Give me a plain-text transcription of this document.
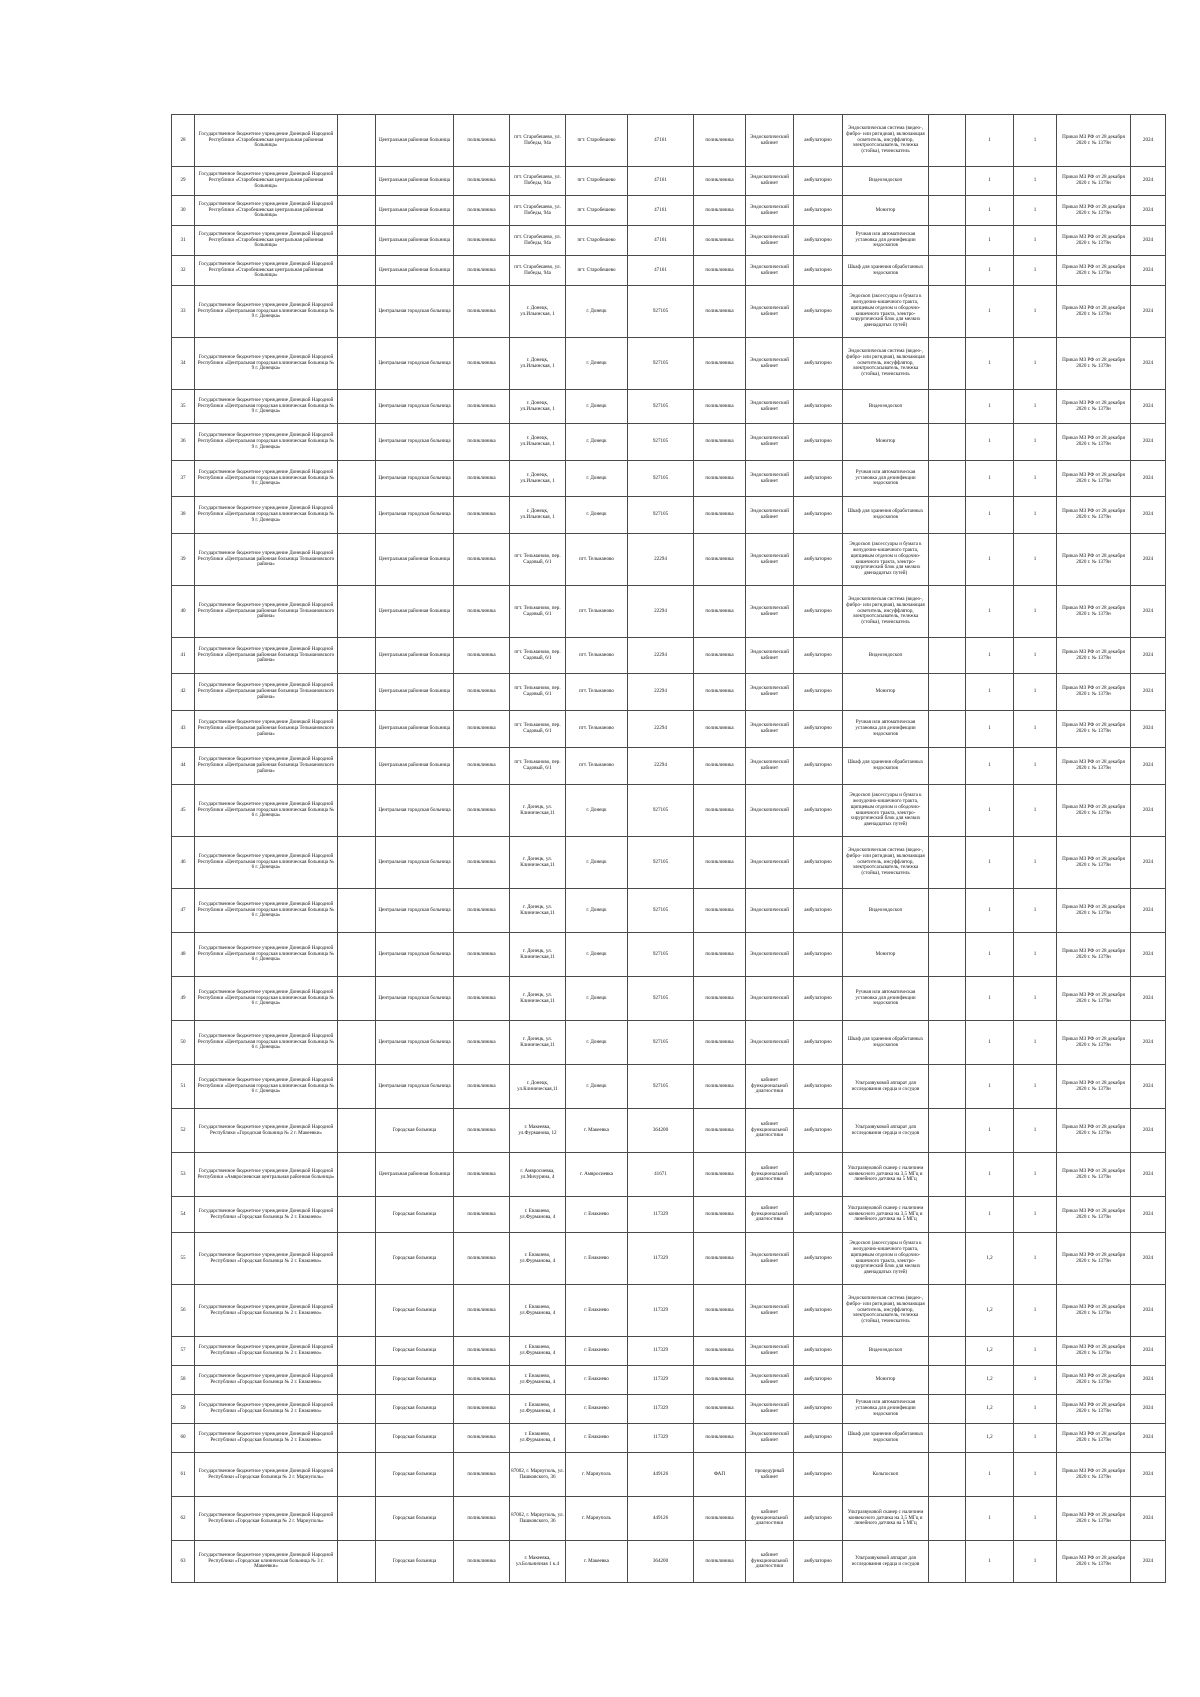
28	Государственное бюджетное учреждение Донецкой Народной Республики «Старобешевская центральная районная больница»		Центральная районная больница	поликлиника	пгт. Старобешево, ул. Победы, 94а	пгт. Старобешево	47161	поликлиника	Эндоскопический кабинет	амбулаторно	Эндоскопическая система (видео-, фибро- или ригидная), включающая осветитель, инсуффлятор, электроотсасыватель, тележка (стойка), течеискатель		1	1	Приказ МЗ РФ от 28 декабря 2020 г. № 1379н	2024
29	Государственное бюджетное учреждение Донецкой Народной Республики «Старобешевская центральная районная больница»		Центральная районная больница	поликлиника	пгт. Старобешево, ул. Победы, 94а	пгт. Старобешево	47161	поликлиника	Эндоскопический кабинет	амбулаторно	Видеоэндоскоп		1	1	Приказ МЗ РФ от 28 декабря 2020 г. № 1379н	2024
30	Государственное бюджетное учреждение Донецкой Народной Республики «Старобешевская центральная районная больница»		Центральная районная больница	поликлиника	пгт. Старобешево, ул. Победы, 94а	пгт. Старобешево	47161	поликлиника	Эндоскопический кабинет	амбулаторно	Монитор		1	1	Приказ МЗ РФ от 28 декабря 2020 г. № 1379н	2024
31	Государственное бюджетное учреждение Донецкой Народной Республики «Старобешевская центральная районная больница»		Центральная районная больница	поликлиника	пгт. Старобешево, ул. Победы, 94а	пгт. Старобешево	47161	поликлиника	Эндоскопический кабинет	амбулаторно	Ручная или автоматическая установка для дезинфекции эндоскопов		1	1	Приказ МЗ РФ от 28 декабря 2020 г. № 1379н	2024
32	Государственное бюджетное учреждение Донецкой Народной Республики «Старобешевская центральная районная больница»		Центральная районная больница	поликлиника	пгт. Старобешево, ул. Победы, 94а	пгт. Старобешево	47161	поликлиника	Эндоскопический кабинет	амбулаторно	Шкаф для хранения обработанных эндоскопов		1	1	Приказ МЗ РФ от 28 декабря 2020 г. № 1379н	2024
33	Государственное бюджетное учреждение Донецкой Народной Республики «Центральная городская клиническая больница № 9 г. Донецка»		Центральная городская больница	поликлиника	г. Донецк, ул.Ильинская, 1	г. Донецк	927105	поликлиника	Эндоскопический кабинет	амбулаторно	Эндоскоп (аксессуары и бумага к желудочно-кишечного тракта, щипцевым отделом и ободочно-кишечного тракта, электро-хирургический блок для мелких двенадцатых путей)		1	1	Приказ МЗ РФ от 28 декабря 2020 г. № 1379н	2024
34	Государственное бюджетное учреждение Донецкой Народной Республики «Центральная городская клиническая больница № 9 г. Донецка»		Центральная городская больница	поликлиника	г. Донецк, ул.Ильинская, 1	г. Донецк	927105	поликлиника	Эндоскопический кабинет	амбулаторно	Эндоскопическая система (видео-, фибро- или ригидная), включающая осветитель, инсуффлятор, электроотсасыватель, тележка (стойка), течеискатель		1	1	Приказ МЗ РФ от 28 декабря 2020 г. № 1379н	2024
35	Государственное бюджетное учреждение Донецкой Народной Республики «Центральная городская клиническая больница № 9 г. Донецка»		Центральная городская больница	поликлиника	г. Донецк, ул.Ильинская, 1	г. Донецк	927105	поликлиника	Эндоскопический кабинет	амбулаторно	Видеоэндоскоп		1	1	Приказ МЗ РФ от 28 декабря 2020 г. № 1379н	2024
36	Государственное бюджетное учреждение Донецкой Народной Республики «Центральная городская клиническая больница № 9 г. Донецка»		Центральная городская больница	поликлиника	г. Донецк, ул.Ильинская, 1	г. Донецк	927105	поликлиника	Эндоскопический кабинет	амбулаторно	Монитор		1	1	Приказ МЗ РФ от 28 декабря 2020 г. № 1379н	2024
37	Государственное бюджетное учреждение Донецкой Народной Республики «Центральная городская клиническая больница № 9 г. Донецка»		Центральная городская больница	поликлиника	г. Донецк, ул.Ильинская, 1	г. Донецк	927105	поликлиника	Эндоскопический кабинет	амбулаторно	Ручная или автоматическая установка для дезинфекции эндоскопов		1	1	Приказ МЗ РФ от 28 декабря 2020 г. № 1379н	2024
38	Государственное бюджетное учреждение Донецкой Народной Республики «Центральная городская клиническая больница № 9 г. Донецка»		Центральная городская больница	поликлиника	г. Донецк, ул.Ильинская, 1	г. Донецк	927105	поликлиника	Эндоскопический кабинет	амбулаторно	Шкаф для хранения обработанных эндоскопов		1	1	Приказ МЗ РФ от 28 декабря 2020 г. № 1379н	2024
39	Государственное бюджетное учреждение Донецкой Народной Республики «Центральная районная больница Тельмановского района»		Центральная районная больница	поликлиника	пгт. Тельманово, пер. Садовый, 6/1	пгт. Тельманово	22294	поликлиника	Эндоскопический кабинет	амбулаторно	Эндоскоп (аксессуары и бумага к желудочно-кишечного тракта, щипцевым отделом и ободочно-кишечного тракта, электро-хирургический блок для мелких двенадцатых путей)		1	1	Приказ МЗ РФ от 28 декабря 2020 г. № 1379н	2024
40	Государственное бюджетное учреждение Донецкой Народной Республики «Центральная районная больница Тельмановского района»		Центральная районная больница	поликлиника	пгт. Тельманово, пер. Садовый, 6/1	пгт. Тельманово	22294	поликлиника	Эндоскопический кабинет	амбулаторно	Эндоскопическая система (видео-, фибро- или ригидная), включающая осветитель, инсуффлятор, электроотсасыватель, тележка (стойка), течеискатель		1	1	Приказ МЗ РФ от 28 декабря 2020 г. № 1379н	2024
41	Государственное бюджетное учреждение Донецкой Народной Республики «Центральная районная больница Тельмановского района»		Центральная районная больница	поликлиника	пгт. Тельманово, пер. Садовый, 6/1	пгт. Тельманово	22294	поликлиника	Эндоскопический кабинет	амбулаторно	Видеоэндоскоп		1	1	Приказ МЗ РФ от 28 декабря 2020 г. № 1379н	2024
42	Государственное бюджетное учреждение Донецкой Народной Республики «Центральная районная больница Тельмановского района»		Центральная районная больница	поликлиника	пгт. Тельманово, пер. Садовый, 6/1	пгт. Тельманово	22294	поликлиника	Эндоскопический кабинет	амбулаторно	Монитор		1	1	Приказ МЗ РФ от 28 декабря 2020 г. № 1379н	2024
43	Государственное бюджетное учреждение Донецкой Народной Республики «Центральная районная больница Тельмановского района»		Центральная районная больница	поликлиника	пгт. Тельманово, пер. Садовый, 6/1	пгт. Тельманово	22294	поликлиника	Эндоскопический кабинет	амбулаторно	Ручная или автоматическая установка для дезинфекции эндоскопов		1	1	Приказ МЗ РФ от 28 декабря 2020 г. № 1379н	2024
44	Государственное бюджетное учреждение Донецкой Народной Республики «Центральная районная больница Тельмановского района»		Центральная районная больница	поликлиника	пгт. Тельманово, пер. Садовый, 6/1	пгт. Тельманово	22294	поликлиника	Эндоскопический кабинет	амбулаторно	Шкаф для хранения обработанных эндоскопов		1	1	Приказ МЗ РФ от 28 декабря 2020 г. № 1379н	2024
45	Государственное бюджетное учреждение Донецкой Народной Республики «Центральная городская клиническая больница № 6 г. Донецка»		Центральная городская больница	поликлиника	г. Донецк, ул. Клиническая,11	г. Донецк	927105	поликлиника	Эндоскопический	амбулаторно	Эндоскоп (аксессуары и бумага к желудочно-кишечного тракта, щипцевым отделом и ободочно-кишечного тракта, электро-хирургический блок для мелких двенадцатых путей)		1	1	Приказ МЗ РФ от 28 декабря 2020 г. № 1379н	2024
46	Государственное бюджетное учреждение Донецкой Народной Республики «Центральная городская клиническая больница № 6 г. Донецка»		Центральная городская больница	поликлиника	г. Донецк, ул. Клиническая,11	г. Донецк	927105	поликлиника	Эндоскопический	амбулаторно	Эндоскопическая система (видео-, фибро- или ригидная), включающая осветитель, инсуффлятор, электроотсасыватель, тележка (стойка), течеискатель		1	1	Приказ МЗ РФ от 28 декабря 2020 г. № 1379н	2024
47	Государственное бюджетное учреждение Донецкой Народной Республики «Центральная городская клиническая больница № 6 г. Донецка»		Центральная городская больница	поликлиника	г. Донецк, ул. Клиническая,11	г. Донецк	927105	поликлиника	Эндоскопический	амбулаторно	Видеоэндоскоп		1	1	Приказ МЗ РФ от 28 декабря 2020 г. № 1379н	2024
48	Государственное бюджетное учреждение Донецкой Народной Республики «Центральная городская клиническая больница № 6 г. Донецка»		Центральная городская больница	поликлиника	г. Донецк, ул. Клиническая,11	г. Донецк	927105	поликлиника	Эндоскопический	амбулаторно	Монитор		1	1	Приказ МЗ РФ от 28 декабря 2020 г. № 1379н	2024
49	Государственное бюджетное учреждение Донецкой Народной Республики «Центральная городская клиническая больница № 6 г. Донецка»		Центральная городская больница	поликлиника	г. Донецк, ул. Клиническая,11	г. Донецк	927105	поликлиника	Эндоскопический	амбулаторно	Ручная или автоматическая установка для дезинфекции эндоскопов		1	1	Приказ МЗ РФ от 28 декабря 2020 г. № 1379н	2024
50	Государственное бюджетное учреждение Донецкой Народной Республики «Центральная городская клиническая больница № 6 г. Донецка»		Центральная городская больница	поликлиника	г. Донецк, ул. Клиническая,11	г. Донецк	927105	поликлиника	Эндоскопический	амбулаторно	Шкаф для хранения обработанных эндоскопов		1	1	Приказ МЗ РФ от 28 декабря 2020 г. № 1379н	2024
51	Государственное бюджетное учреждение Донецкой Народной Республики «Центральная городская клиническая больница № 6 г. Донецка»		Центральная городская больница	поликлиника	г. Донецк, ул.Клиническая,11	г. Донецк	927105	поликлиника	кабинет функциональной диагностики	амбулаторно	Ультразвуковой аппарат для исследования сердца и сосудов		1	1	Приказ МЗ РФ от 28 декабря 2020 г. № 1379н	2024
52	Государственное бюджетное учреждение Донецкой Народной Республики «Городская больница № 2 г. Макеевки»		Городская больница	поликлиника	г. Макеевка, ул.Фурманова, 12	г. Макеевка	364200	поликлиника	кабинет функциональной диагностики	амбулаторно	Ультразвуковой аппарат для исследования сердца и сосудов		1	1	Приказ МЗ РФ от 28 декабря 2020 г. № 1379н	2024
53	Государственное бюджетное учреждение Донецкой Народной Республики «Амвросиевская центральная районная больница»		Центральная районная больница	поликлиника	г. Амвросиевка, ул.Мичурина, 4	г. Амвросиевка	41671	поликлиника	кабинет функциональной диагностики	амбулаторно	Ультразвуковой сканер с наличием конвексного датчика на 3,5 МГц и линейного датчика на 5 МГц		1	1	Приказ МЗ РФ от 28 декабря 2020 г. № 1379н	2024
54	Государственное бюджетное учреждение Донецкой Народной Республики «Городская больница № 2 г. Енакиево»		Городская больница	поликлиника	г. Енакиево, ул.Фурманова, 4	г. Енакиево	117329	поликлиника	кабинет функциональной диагностики	амбулаторно	Ультразвуковой сканер с наличием конвексного датчика на 3,5 МГц и линейного датчика на 5 МГц		1	1	Приказ МЗ РФ от 28 декабря 2020 г. № 1379н	2024
55	Государственное бюджетное учреждение Донецкой Народной Республики «Городская больница № 2 г. Енакиево»		Городская больница	поликлиника	г. Енакиево, ул.Фурманова, 4	г. Енакиево	117329	поликлиника	Эндоскопический кабинет	амбулаторно	Эндоскоп (аксессуары и бумага к желудочно-кишечного тракта, щипцевым отделом и ободочно-кишечного тракта, электро-хирургический блок для мелких двенадцатых путей)		1,2	1	Приказ МЗ РФ от 28 декабря 2020 г. № 1379н	2024
56	Государственное бюджетное учреждение Донецкой Народной Республики «Городская больница № 2 г. Енакиево»		Городская больница	поликлиника	г. Енакиево, ул.Фурманова, 4	г. Енакиево	117329	поликлиника	Эндоскопический кабинет	амбулаторно	Эндоскопическая система (видео-, фибро- или ригидная), включающая осветитель, инсуффлятор, электроотсасыватель, тележка (стойка), течеискатель		1,2	1	Приказ МЗ РФ от 28 декабря 2020 г. № 1379н	2024
57	Государственное бюджетное учреждение Донецкой Народной Республики «Городская больница № 2 г. Енакиево»		Городская больница	поликлиника	г. Енакиево, ул.Фурманова, 4	г. Енакиево	117329	поликлиника	Эндоскопический кабинет	амбулаторно	Видеоэндоскоп		1,2	1	Приказ МЗ РФ от 28 декабря 2020 г. № 1379н	2024
58	Государственное бюджетное учреждение Донецкой Народной Республики «Городская больница № 2 г. Енакиево»		Городская больница	поликлиника	г. Енакиево, ул.Фурманова, 4	г. Енакиево	117329	поликлиника	Эндоскопический кабинет	амбулаторно	Монитор		1,2	1	Приказ МЗ РФ от 28 декабря 2020 г. № 1379н	2024
59	Государственное бюджетное учреждение Донецкой Народной Республики «Городская больница № 2 г. Енакиево»		Городская больница	поликлиника	г. Енакиево, ул.Фурманова, 4	г. Енакиево	117329	поликлиника	Эндоскопический кабинет	амбулаторно	Ручная или автоматическая установка для дезинфекции эндоскопов		1,2	1	Приказ МЗ РФ от 28 декабря 2020 г. № 1379н	2024
60	Государственное бюджетное учреждение Донецкой Народной Республики «Городская больница № 2 г. Енакиево»		Городская больница	поликлиника	г. Енакиево, ул.Фурманова, 4	г. Енакиево	117329	поликлиника	Эндоскопический кабинет	амбулаторно	Шкаф для хранения обработанных эндоскопов		1,2	1	Приказ МЗ РФ от 28 декабря 2020 г. № 1379н	2024
61	Государственное бюджетное учреждение Донецкой Народной Республики «Городская больница № 2 г. Мариуполь»		Городская больница	поликлиника	87002, г. Мариуполь, ул. Пашковского, 36	г. Мариуполь	449126	ФАП	процедурный кабинет	амбулаторно	Кольпоскоп		1	1	Приказ МЗ РФ от 28 декабря 2020 г. № 1379н	2024
62	Государственное бюджетное учреждение Донецкой Народной Республики «Городская больница № 2 г. Мариуполь»		Городская больница	поликлиника	87002, г. Мариуполь, ул. Пашковского, 36	г. Мариуполь	449126	поликлиника	кабинет функциональной диагностики	амбулаторно	Ультразвуковой сканер с наличием конвексного датчика на 3,5 МГц и линейного датчика на 5 МГц		1	1	Приказ МЗ РФ от 28 декабря 2020 г. № 1379н	2024
63	Государственное бюджетное учреждение Донецкой Народной Республики «Городская клиническая больница № 3 г. Макеевки»		Городская больница	поликлиника	г. Макеевка, ул.Больничная 1 к.4	г. Макеевка	364200	поликлиника	кабинет функциональной диагностики	амбулаторно	Ультразвуковой аппарат для исследования сердца и сосудов		1	1	Приказ МЗ РФ от 28 декабря 2020 г. № 1379н	2024
